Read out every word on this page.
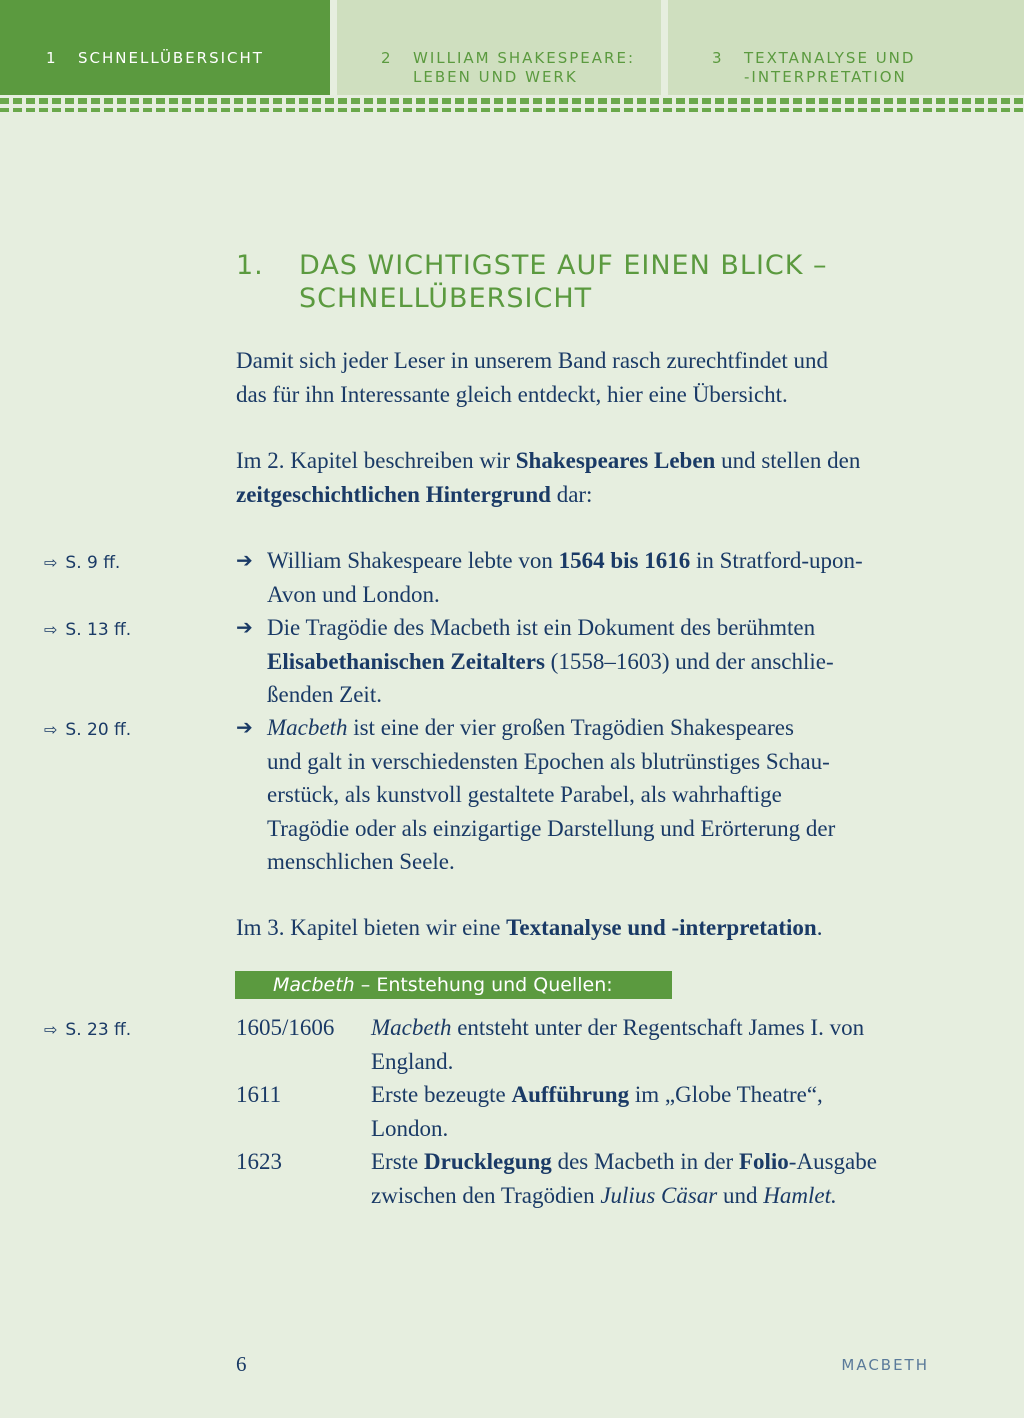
1 SCHNELLÜBERSICHT	2 WILLIAM SHAKESPEARE:
LEBEN UND WERK
3 TEXTANALYSE UND
-INTERPRETATION
1. DAS WICHTIGSTE AUF EINEN BLICK –
SCHNELLÜBERSICHT
Damit sich jeder Leser in unserem Band rasch zurechtfindet und
das für ihn Interessante gleich entdeckt, hier eine Übersicht.
Im 2. Kapitel beschreiben wir Shakespeares Leben und stellen den
zeitgeschichtlichen Hintergrund dar:
⇨ S. 9 ff.	➔ William Shakespeare lebte von 1564 bis 1616 in Stratford-upon-
Avon und London.
⇨ S. 13 ff.	➔ Die Tragödie des Macbeth ist ein Dokument des berühmten
Elisabethanischen Zeitalters (1558–1603) und der anschlie-
ßenden Zeit.
⇨ S. 20 ff.	➔ Macbeth ist eine der vier großen Tragödien Shakespeares
und galt in verschiedensten Epochen als blutrünstiges Schau-
erstück, als kunstvoll gestaltete Parabel, als wahrhaftige
Tragödie oder als einzigartige Darstellung und Erörterung der
menschlichen Seele.
Im 3. Kapitel bieten wir eine Textanalyse und -interpretation.
Macbeth – Entstehung und Quellen:
⇨ S. 23 ff.	1605/1606 Macbeth entsteht unter der Regentschaft James I. von
England.
1611	Erste bezeugte Aufführung im „Globe Theatre“,
London.
1623	Erste Drucklegung des Macbeth in der Folio-Ausgabe
zwischen den Tragödien Julius Cäsar und Hamlet.
6	MACBETH
